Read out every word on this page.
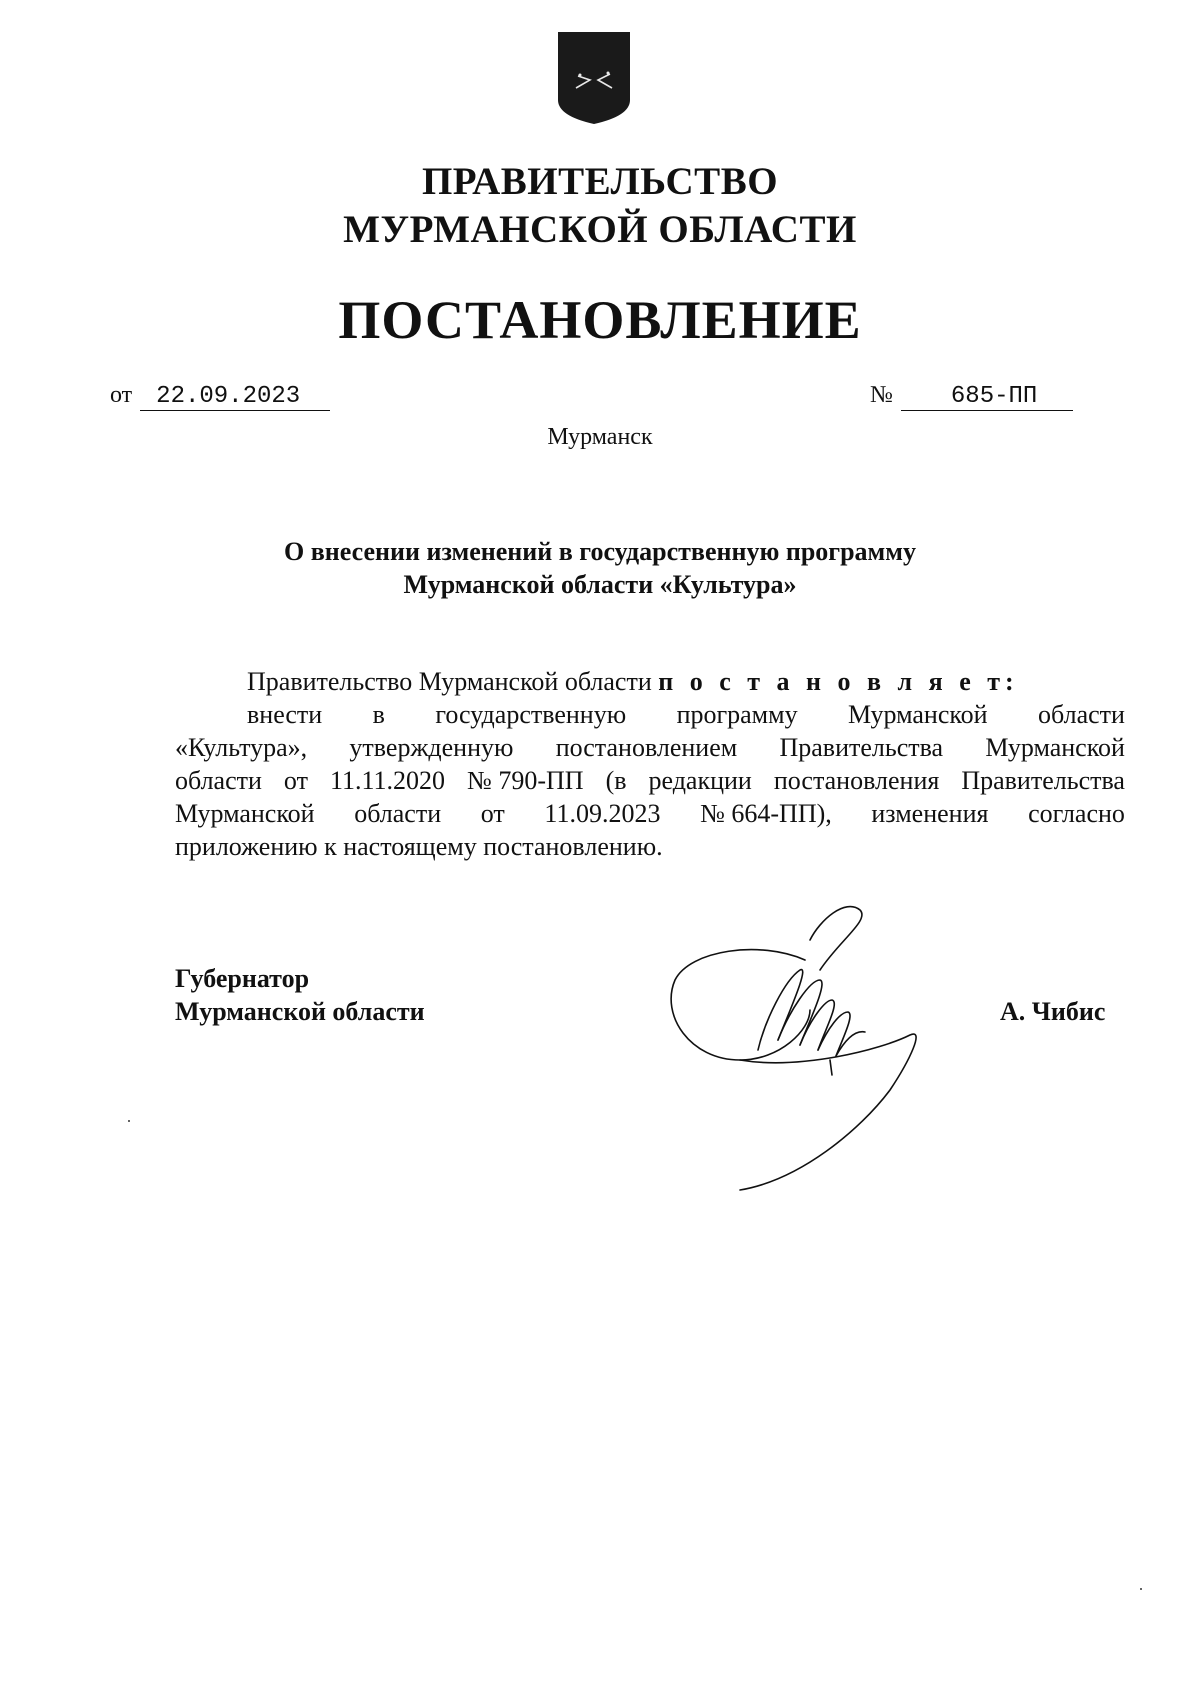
ПРАВИТЕЛЬСТВО
МУРМАНСКОЙ ОБЛАСТИ
ПОСТАНОВЛЕНИЕ
от 22.09.2023	№ 685-ПП
Мурманск
О внесении изменений в государственную программу
Мурманской области «Культура»
Правительство Мурманской области п о с т а н о в л я е т:
внести в государственную программу Мурманской области
«Культура», утвержденную постановлением Правительства Мурманской
области от 11.11.2020 № 790-ПП (в редакции постановления Правительства
Мурманской области от 11.09.2023 № 664-ПП), изменения согласно
приложению к настоящему постановлению.
Губернатор
Мурманской области	А. Чибис
